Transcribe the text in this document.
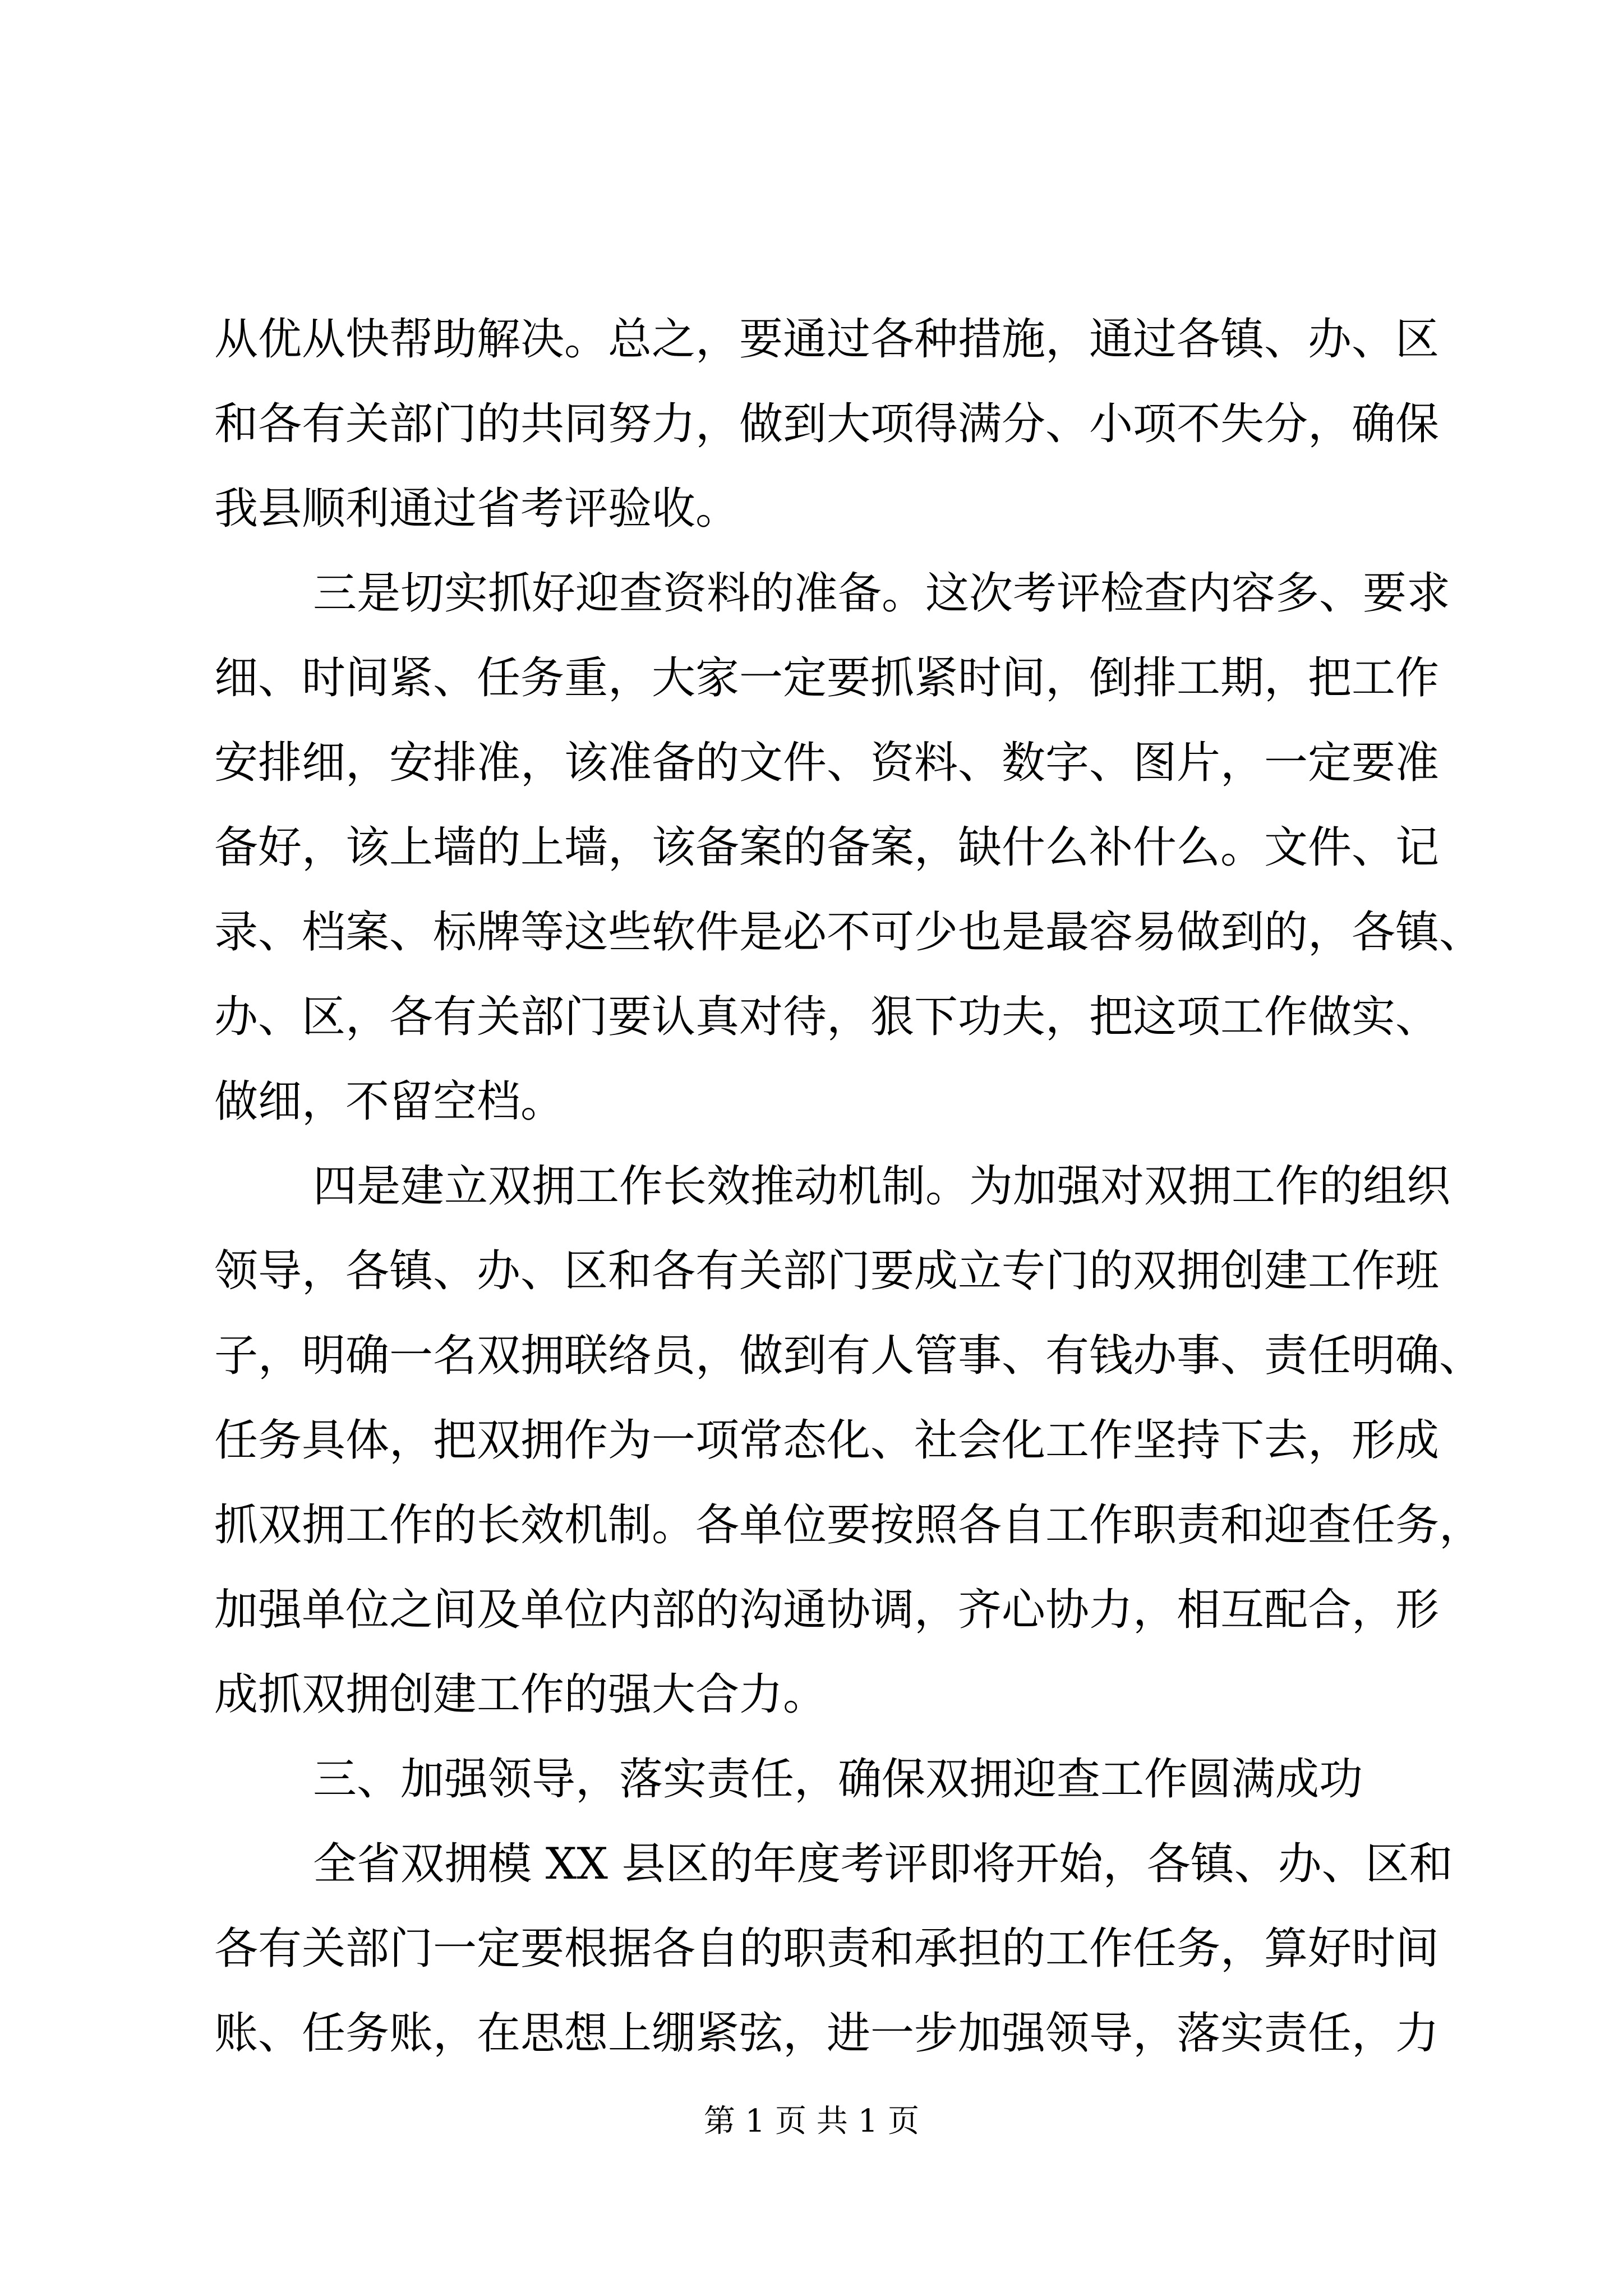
从优从快帮助解决。总之，要通过各种措施，通过各镇、办、区
和各有关部门的共同努力，做到大项得满分、小项不失分，确保
我县顺利通过省考评验收。
三是切实抓好迎查资料的准备。这次考评检查内容多、要求
细、时间紧、任务重，大家一定要抓紧时间，倒排工期，把工作
安排细，安排准，该准备的文件、资料、数字、图片，一定要准
备好，该上墙的上墙，该备案的备案，缺什么补什么。文件、记
录、档案、标牌等这些软件是必不可少也是最容易做到的，各镇、
办、区，各有关部门要认真对待，狠下功夫，把这项工作做实、
做细，不留空档。
四是建立双拥工作长效推动机制。为加强对双拥工作的组织
领导，各镇、办、区和各有关部门要成立专门的双拥创建工作班
子，明确一名双拥联络员，做到有人管事、有钱办事、责任明确、
任务具体，把双拥作为一项常态化、社会化工作坚持下去，形成
抓双拥工作的长效机制。各单位要按照各自工作职责和迎查任务，
加强单位之间及单位内部的沟通协调，齐心协力，相互配合，形
成抓双拥创建工作的强大合力。
三、加强领导，落实责任，确保双拥迎查工作圆满成功
全省双拥模 XX 县区的年度考评即将开始，各镇、办、区和
各有关部门一定要根据各自的职责和承担的工作任务，算好时间
账、任务账，在思想上绷紧弦，进一步加强领导，落实责任，力
第 1 页 共 1 页
